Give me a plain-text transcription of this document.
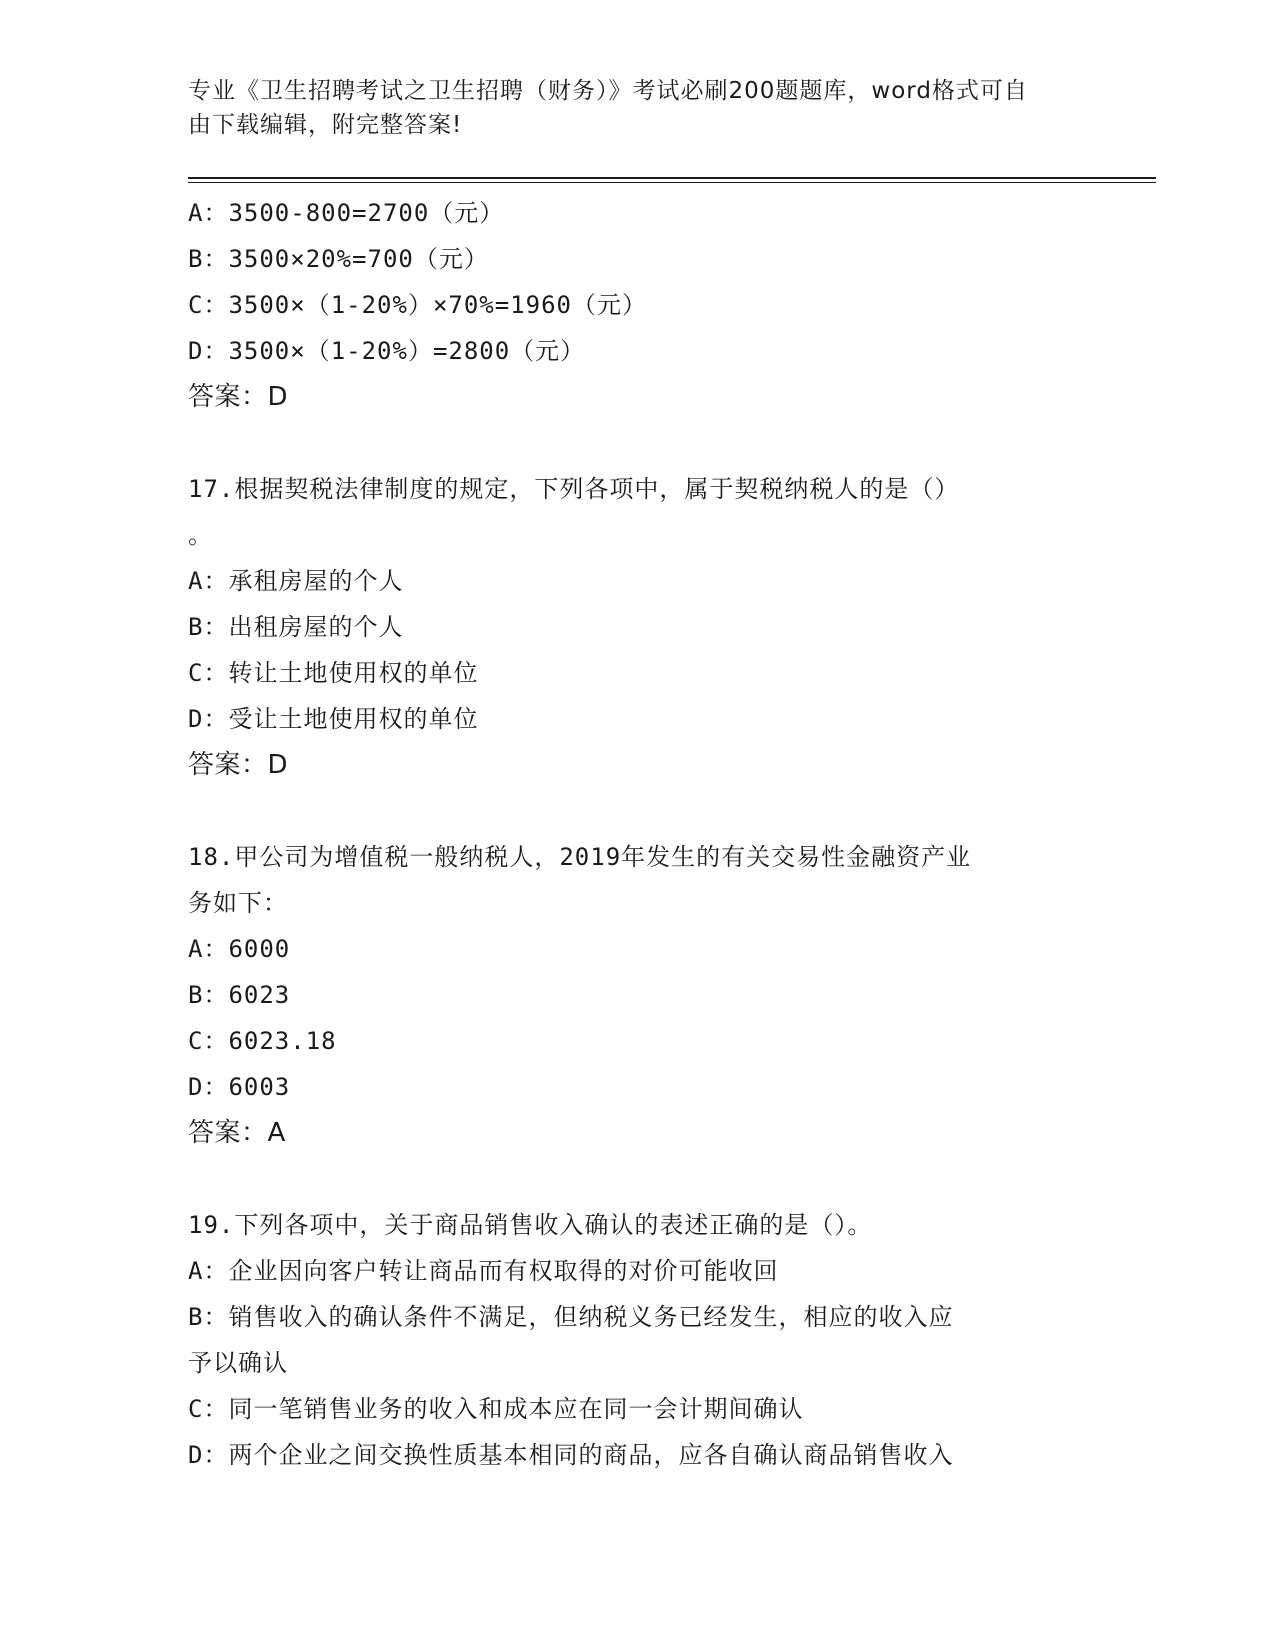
专业《卫生招聘考试之卫生招聘（财务）》考试必刷200题题库，word格式可自
由下载编辑，附完整答案!
A：3500-800=2700（元）
B：3500×20%=700（元）
C：3500×（1-20%）×70%=1960（元）
D：3500×（1-20%）=2800（元）
答案：D
17.根据契税法律制度的规定，下列各项中，属于契税纳税人的是（）
。
A：承租房屋的个人
B：出租房屋的个人
C：转让土地使用权的单位
D：受让土地使用权的单位
答案：D
18.甲公司为增值税一般纳税人，2019年发生的有关交易性金融资产业
务如下：
A：6000
B：6023
C：6023.18
D：6003
答案：A
19.下列各项中，关于商品销售收入确认的表述正确的是（）。
A：企业因向客户转让商品而有权取得的对价可能收回
B：销售收入的确认条件不满足，但纳税义务已经发生，相应的收入应
予以确认
C：同一笔销售业务的收入和成本应在同一会计期间确认
D：两个企业之间交换性质基本相同的商品，应各自确认商品销售收入
